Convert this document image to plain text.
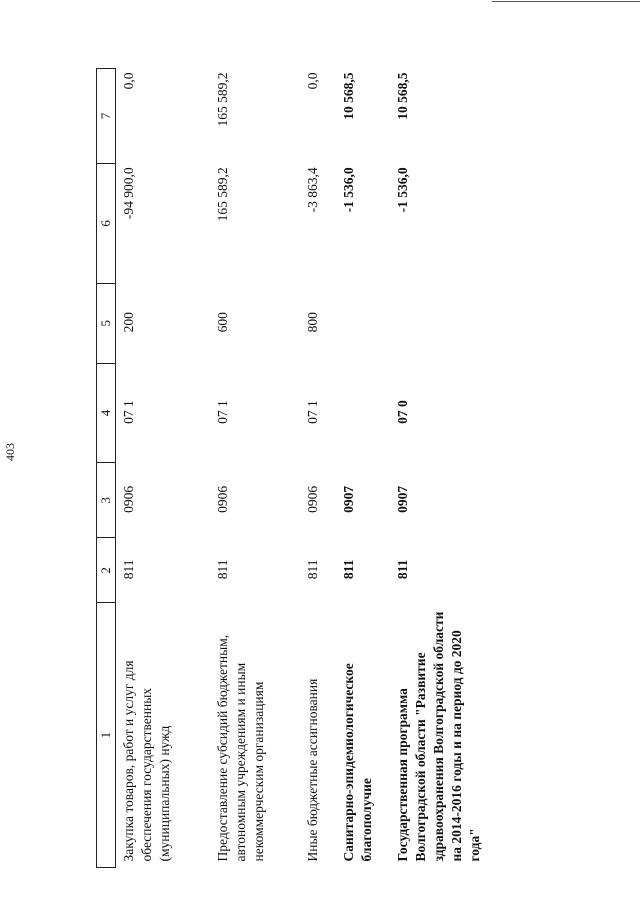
403
1	2	3	4	5	6	7
Закупка товаров, работ и услуг для обеспечения государственных (муниципальных) нужд	811	0906	07 1	200	-94 900,0	0,0
Предоставление субсидий бюджетным, автономным учреждениям и иным некоммерческим организациям	811	0906	07 1	600	165 589,2	165 589,2
Иные бюджетные ассигнования	811	0906	07 1	800	-3 863,4	0,0
Санитарно-эпидемиологическое благополучие	811	0907			-1 536,0	10 568,5
Государственная программа Волгоградской области "Развитие здравоохранения Волгоградской области на 2014-2016 годы и на период до 2020 года"	811	0907	07 0		-1 536,0	10 568,5
